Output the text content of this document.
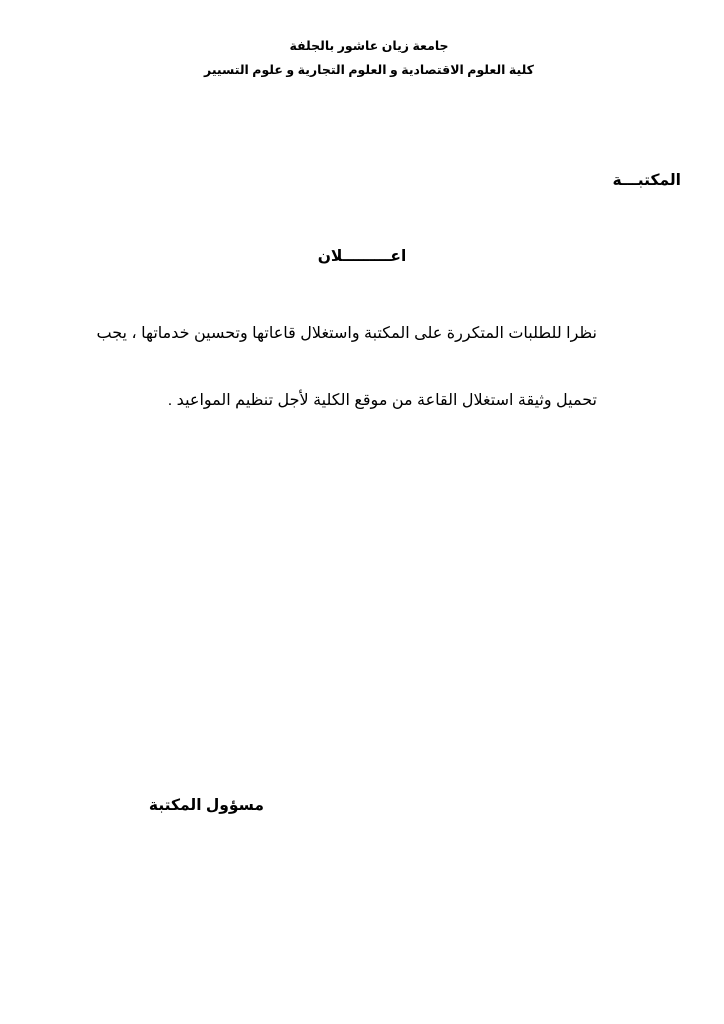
جامعة زيان عاشور بالجلفة
كلية العلوم الاقتصادية و العلوم التجارية و علوم التسيير
المكتبـــة
اعـــــــــلان
نظرا للطلبات المتكررة على المكتبة واستغلال قاعاتها وتحسين خدماتها ، يجب
تحميل وثيقة استغلال القاعة من موقع الكلية لأجل تنظيم المواعيد .
مسؤول المكتبة
